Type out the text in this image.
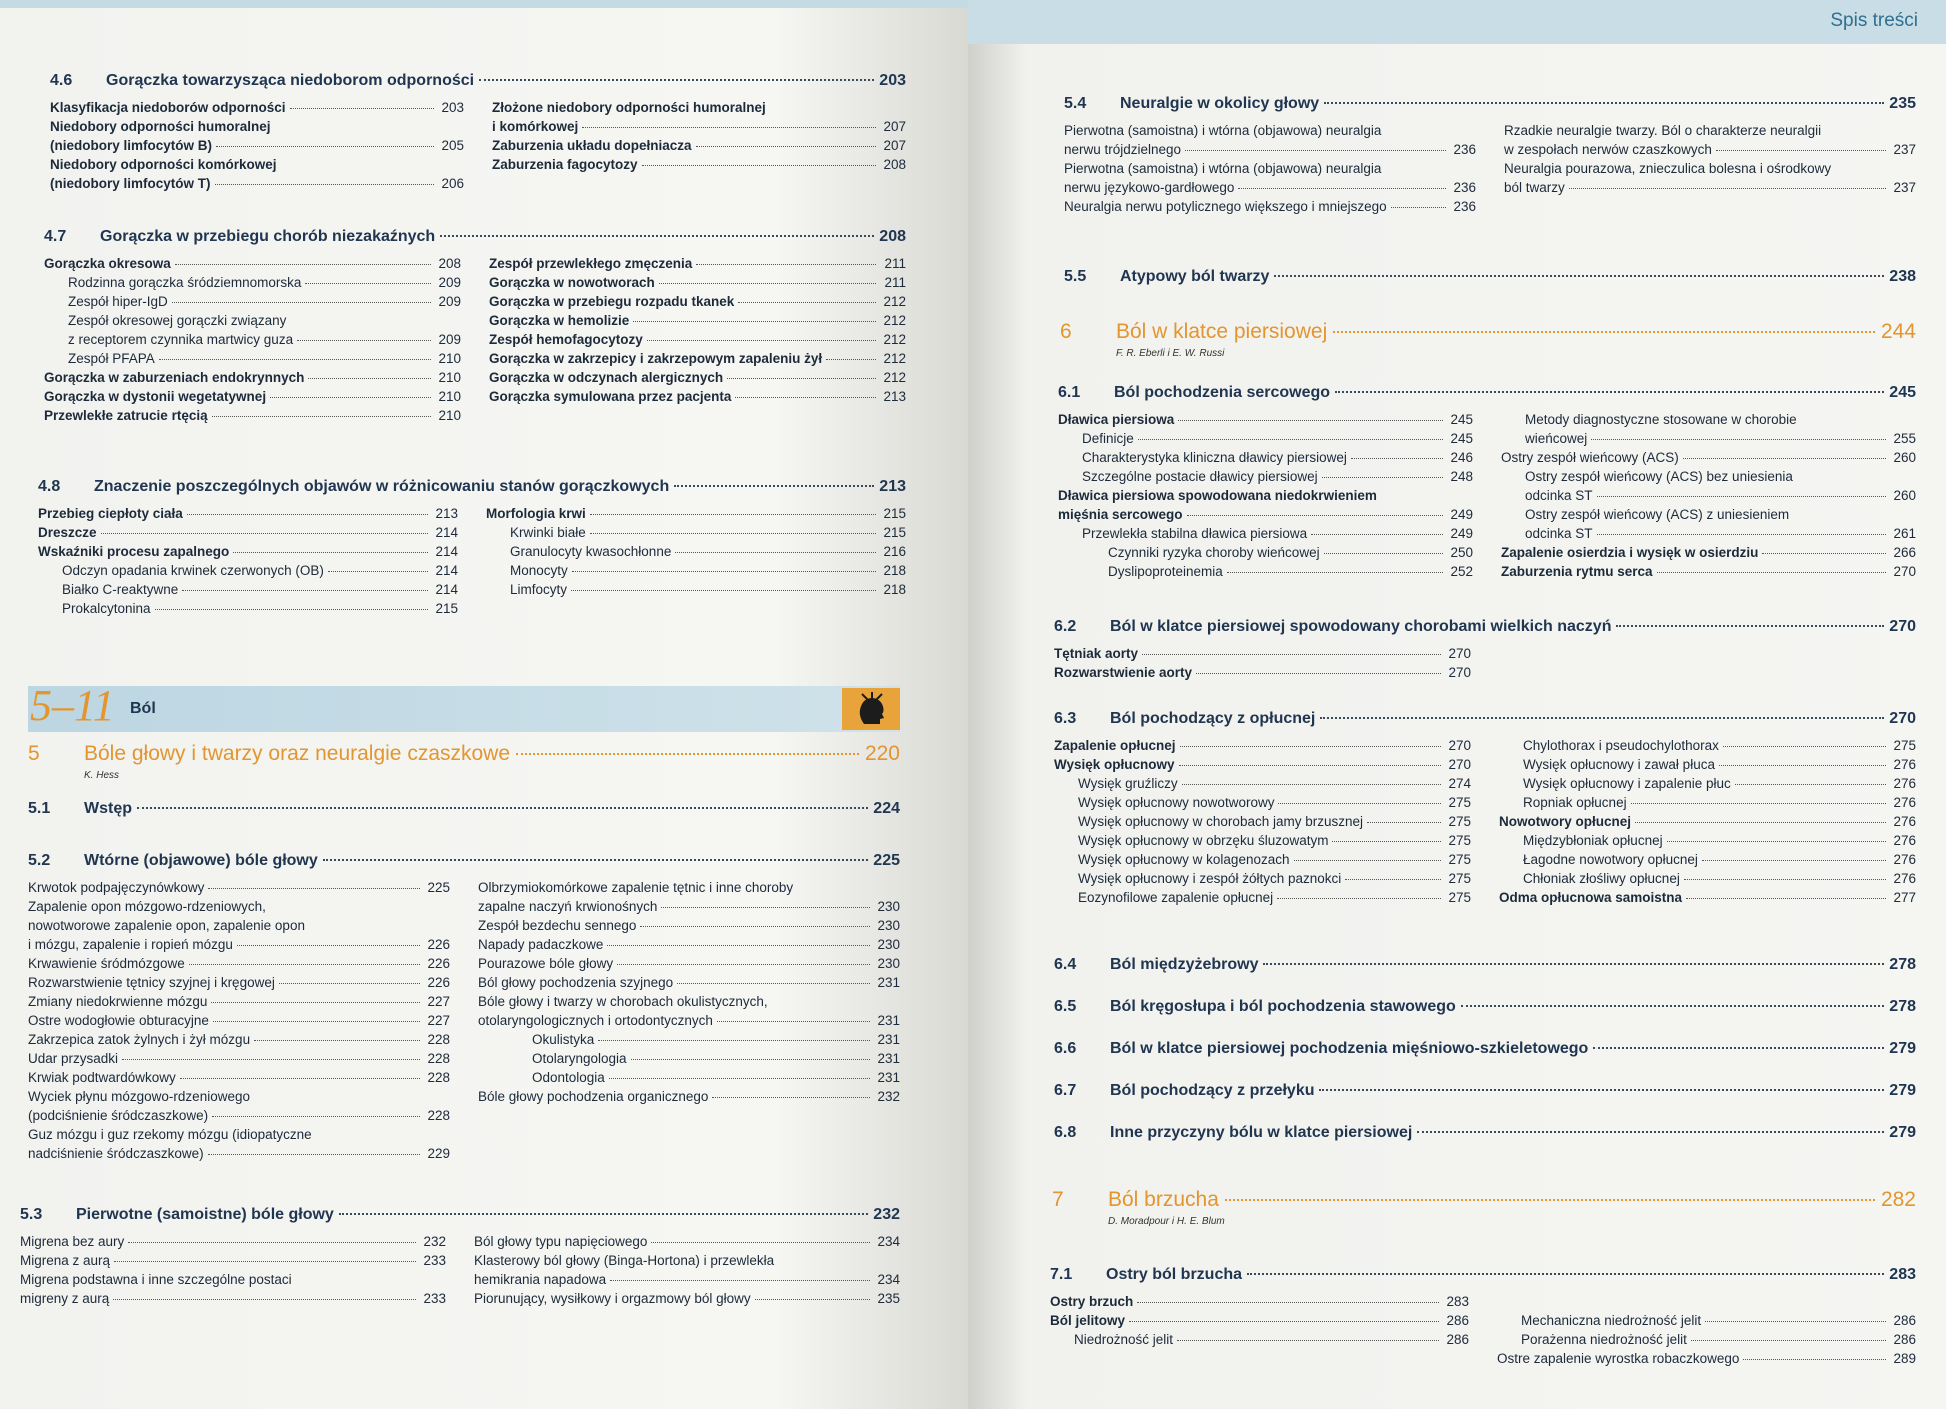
4.6	Gorączka towarzysząca niedoborom odporności	203
Klasyfikacja niedoborów odporności	203
Niedobory odporności humoralnej
(niedobory limfocytów B)	205
Niedobory odporności komórkowej
(niedobory limfocytów T)	206
Złożone niedobory odporności humoralnej
i komórkowej	207
Zaburzenia układu dopełniacza	207
Zaburzenia fagocytozy	208
4.7	Gorączka w przebiegu chorób niezakaźnych	208
Gorączka okresowa	208
Rodzinna gorączka śródziemnomorska	209
Zespół hiper-IgD	209
Zespół okresowej gorączki związany
z receptorem czynnika martwicy guza	209
Zespół PFAPA	210
Gorączka w zaburzeniach endokrynnych	210
Gorączka w dystonii wegetatywnej	210
Przewlekłe zatrucie rtęcią	210
Zespół przewlekłego zmęczenia	211
Gorączka w nowotworach	211
Gorączka w przebiegu rozpadu tkanek	212
Gorączka w hemolizie	212
Zespół hemofagocytozy	212
Gorączka w zakrzepicy i zakrzepowym zapaleniu żył	212
Gorączka w odczynach alergicznych	212
Gorączka symulowana przez pacjenta	213
4.8	Znaczenie poszczególnych objawów w różnicowaniu stanów gorączkowych	213
Przebieg ciepłoty ciała	213
Dreszcze	214
Wskaźniki procesu zapalnego	214
Odczyn opadania krwinek czerwonych (OB)	214
Białko C-reaktywne	214
Prokalcytonina	215
Morfologia krwi	215
Krwinki białe	215
Granulocyty kwasochłonne	216
Monocyty	218
Limfocyty	218
5.1	Wstęp	224
5.2	Wtórne (objawowe) bóle głowy	225
Krwotok podpajęczynówkowy	225
Zapalenie opon mózgowo-rdzeniowych,
nowotworowe zapalenie opon, zapalenie opon
i mózgu, zapalenie i ropień mózgu	226
Krwawienie śródmózgowe	226
Rozwarstwienie tętnicy szyjnej i kręgowej	226
Zmiany niedokrwienne mózgu	227
Ostre wodogłowie obturacyjne	227
Zakrzepica zatok żylnych i żył mózgu	228
Udar przysadki	228
Krwiak podtwardówkowy	228
Wyciek płynu mózgowo-rdzeniowego
(podciśnienie śródczaszkowe)	228
Guz mózgu i guz rzekomy mózgu (idiopatyczne
nadciśnienie śródczaszkowe)	229
Olbrzymiokomórkowe zapalenie tętnic i inne choroby
zapalne naczyń krwionośnych	230
Zespół bezdechu sennego	230
Napady padaczkowe	230
Pourazowe bóle głowy	230
Ból głowy pochodzenia szyjnego	231
Bóle głowy i twarzy w chorobach okulistycznych,
otolaryngologicznych i ortodontycznych	231
Okulistyka	231
Otolaryngologia	231
Odontologia	231
Bóle głowy pochodzenia organicznego	232
5.3	Pierwotne (samoistne) bóle głowy	232
Migrena bez aury	232
Migrena z aurą	233
Migrena podstawna i inne szczególne postaci
migreny z aurą	233
Ból głowy typu napięciowego	234
Klasterowy ból głowy (Binga-Hortona) i przewlekła
hemikrania napadowa	234
Piorunujący, wysiłkowy i orgazmowy ból głowy	235
5–11 Ból
5	Bóle głowy i twarzy oraz neuralgie czaszkowe	220
K. Hess
Spis treści
5.4	Neuralgie w okolicy głowy	235
Pierwotna (samoistna) i wtórna (objawowa) neuralgia
nerwu trójdzielnego	236
Pierwotna (samoistna) i wtórna (objawowa) neuralgia
nerwu językowo-gardłowego	236
Neuralgia nerwu potylicznego większego i mniejszego	236
Rzadkie neuralgie twarzy. Ból o charakterze neuralgii
w zespołach nerwów czaszkowych	237
Neuralgia pourazowa, znieczulica bolesna i ośrodkowy
ból twarzy	237
5.5	Atypowy ból twarzy	238
6.1	Ból pochodzenia sercowego	245
Dławica piersiowa	245
Definicje	245
Charakterystyka kliniczna dławicy piersiowej	246
Szczególne postacie dławicy piersiowej	248
Dławica piersiowa spowodowana niedokrwieniem
mięśnia sercowego	249
Przewlekła stabilna dławica piersiowa	249
Czynniki ryzyka choroby wieńcowej	250
Dyslipoproteinemia	252
Metody diagnostyczne stosowane w chorobie
wieńcowej	255
Ostry zespół wieńcowy (ACS)	260
Ostry zespół wieńcowy (ACS) bez uniesienia
odcinka ST	260
Ostry zespół wieńcowy (ACS) z uniesieniem
odcinka ST	261
Zapalenie osierdzia i wysięk w osierdziu	266
Zaburzenia rytmu serca	270
6.2	Ból w klatce piersiowej spowodowany chorobami wielkich naczyń	270
Tętniak aorty	270
Rozwarstwienie aorty	270
6.3	Ból pochodzący z opłucnej	270
Zapalenie opłucnej	270
Wysięk opłucnowy	270
Wysięk gruźliczy	274
Wysięk opłucnowy nowotworowy	275
Wysięk opłucnowy w chorobach jamy brzusznej	275
Wysięk opłucnowy w obrzęku śluzowatym	275
Wysięk opłucnowy w kolagenozach	275
Wysięk opłucnowy i zespół żółtych paznokci	275
Eozynofilowe zapalenie opłucnej	275
Chylothorax i pseudochylothorax	275
Wysięk opłucnowy i zawał płuca	276
Wysięk opłucnowy i zapalenie płuc	276
Ropniak opłucnej	276
Nowotwory opłucnej	276
Międzybłoniak opłucnej	276
Łagodne nowotwory opłucnej	276
Chłoniak złośliwy opłucnej	276
Odma opłucnowa samoistna	277
6.4	Ból międzyżebrowy	278
6.5	Ból kręgosłupa i ból pochodzenia stawowego	278
6.6	Ból w klatce piersiowej pochodzenia mięśniowo-szkieletowego	279
6.7	Ból pochodzący z przełyku	279
6.8	Inne przyczyny bólu w klatce piersiowej	279
7.1	Ostry ból brzucha	283
Ostry brzuch	283
Ból jelitowy	286
Niedrożność jelit	286
Mechaniczna niedrożność jelit	286
Porażenna niedrożność jelit	286
Ostre zapalenie wyrostka robaczkowego	289
6	Ból w klatce piersiowej	244
F. R. Eberli i E. W. Russi
7	Ból brzucha	282
D. Moradpour i H. E. Blum
